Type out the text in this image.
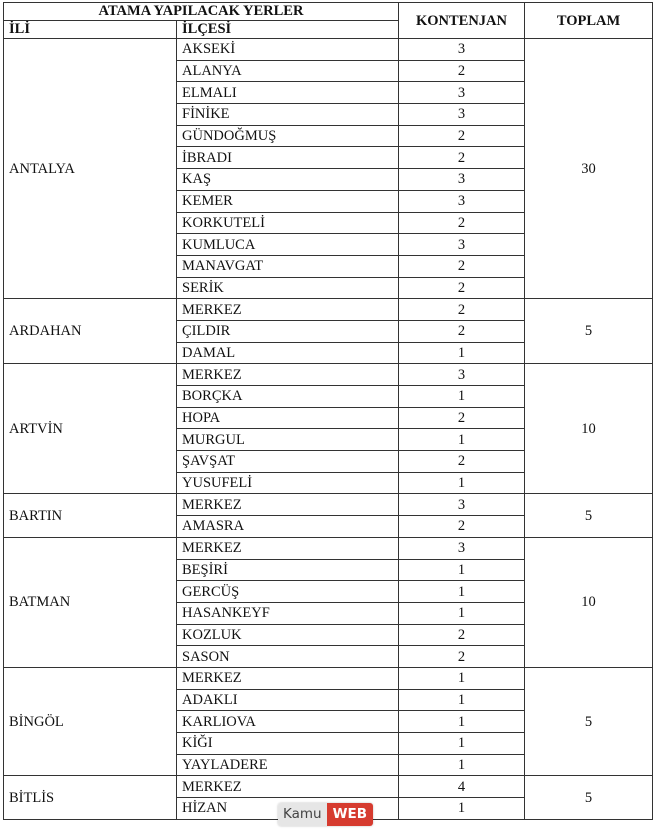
ATAMA YAPILACAK YERLER		KONTENJAN	TOPLAM
İLİ	İLÇESİ		
ANTALYA	AKSEKİ	3	30
	ALANYA	2	
	ELMALI	3	
	FİNİKE	3	
	GÜNDOĞMUŞ	2	
	İBRADI	2	
	KAŞ	3	
	KEMER	3	
	KORKUTELİ	2	
	KUMLUCA	3	
	MANAVGAT	2	
	SERİK	2	
ARDAHAN	MERKEZ	2	5
	ÇILDIR	2	
	DAMAL	1	
ARTVİN	MERKEZ	3	10
	BORÇKA	1	
	HOPA	2	
	MURGUL	1	
	ŞAVŞAT	2	
	YUSUFELİ	1	
BARTIN	MERKEZ	3	5
	AMASRA	2	
BATMAN	MERKEZ	3	10
	BEŞİRİ	1	
	GERCÜŞ	1	
	HASANKEYF	1	
	KOZLUK	2	
	SASON	2	
BİNGÖL	MERKEZ	1	5
	ADAKLI	1	
	KARLIOVA	1	
	KİĞI	1	
	YAYLADERE	1	
BİTLİS	MERKEZ	4	5
	HİZAN	1	
Kamu WEB
